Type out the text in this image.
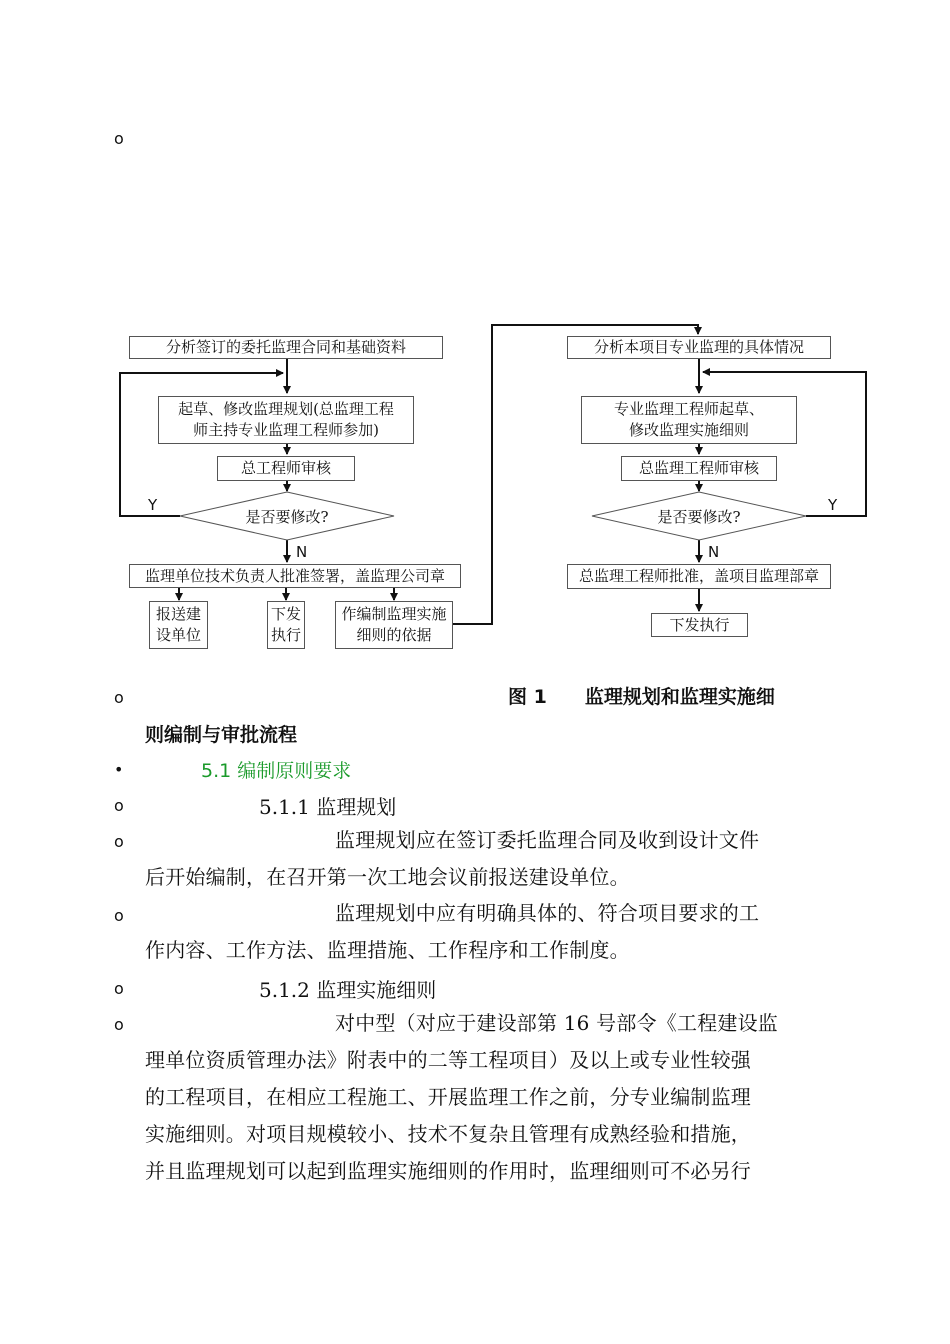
o
o
•
o
o
o
o
o
分析签订的委托监理合同和基础资料
起草、修改监理规划(总监理工程
师主持专业监理工程师参加)
总工程师审核
是否要修改?
Y
N
监理单位技术负责人批准签署，盖监理公司章
报送建
设单位
下发
执行
作编制监理实施
细则的依据
分析本项目专业监理的具体情况
专业监理工程师起草、
修改监理实施细则
总监理工程师审核
是否要修改?
Y
N
总监理工程师批准，盖项目监理部章
下发执行
图 1　　监理规划和监理实施细
则编制与审批流程
5.1 编制原则要求
5.1.1 监理规划
监理规划应在签订委托监理合同及收到设计文件
后开始编制，在召开第一次工地会议前报送建设单位。
监理规划中应有明确具体的、符合项目要求的工
作内容、工作方法、监理措施、工作程序和工作制度。
5.1.2 监理实施细则
对中型（对应于建设部第 16 号部令《工程建设监
理单位资质管理办法》附表中的二等工程项目）及以上或专业性较强
的工程项目，在相应工程施工、开展监理工作之前，分专业编制监理
实施细则。对项目规模较小、技术不复杂且管理有成熟经验和措施，
并且监理规划可以起到监理实施细则的作用时，监理细则可不必另行
